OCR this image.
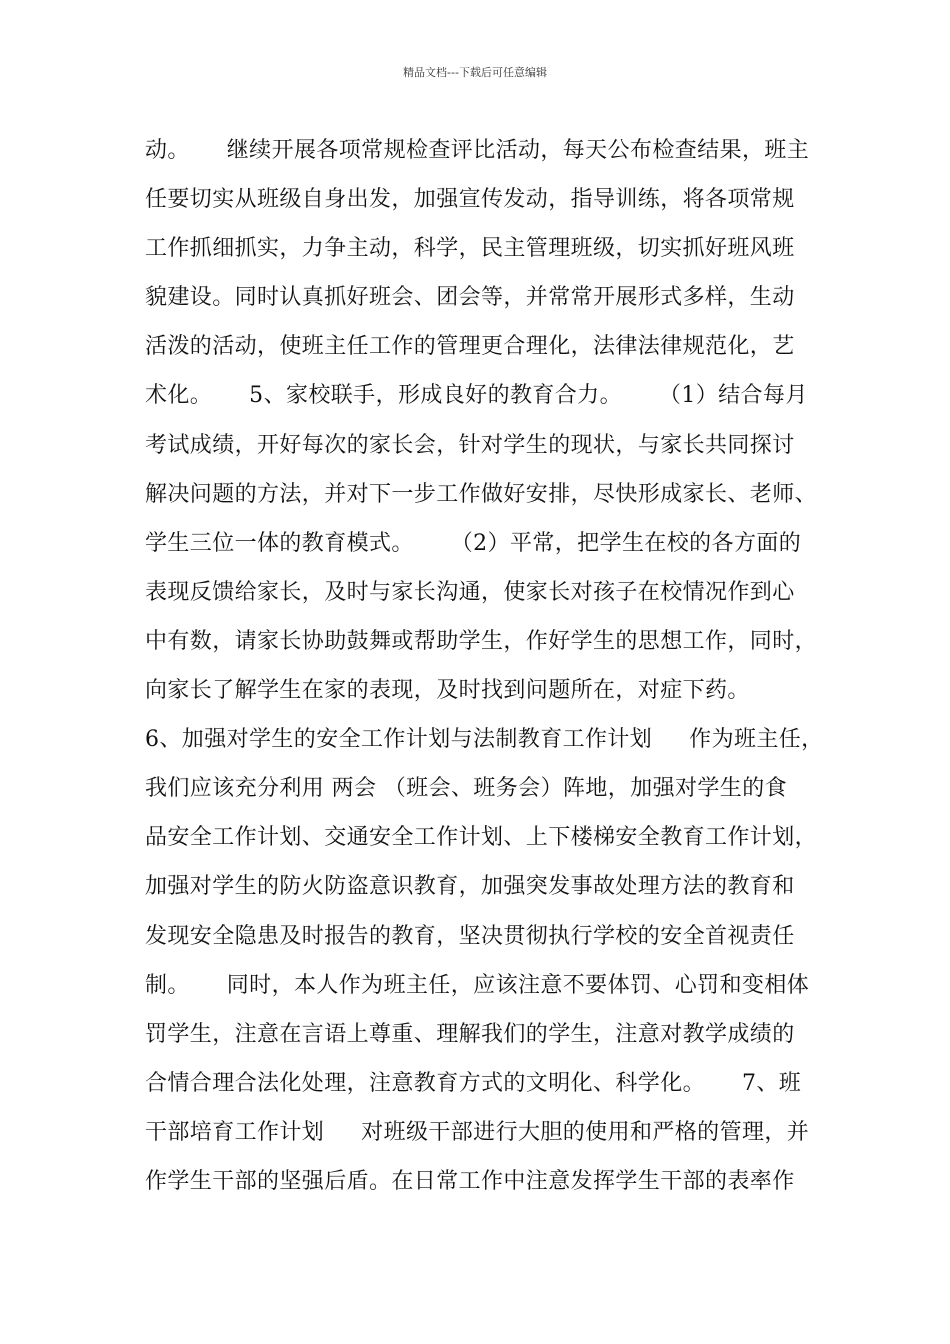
精品文档---下载后可任意编辑
动。     继续开展各项常规检查评比活动，每天公布检查结果，班主
任要切实从班级自身出发，加强宣传发动，指导训练，将各项常规
工作抓细抓实，力争主动，科学，民主管理班级，切实抓好班风班
貌建设。同时认真抓好班会、团会等，并常常开展形式多样，生动
活泼的活动，使班主任工作的管理更合理化，法律法律规范化，艺
术化。     5、家校联手，形成良好的教育合力。     （1）结合每月
考试成绩，开好每次的家长会，针对学生的现状，与家长共同探讨
解决问题的方法，并对下一步工作做好安排，尽快形成家长、老师、
学生三位一体的教育模式。     （2）平常，把学生在校的各方面的
表现反馈给家长，及时与家长沟通，使家长对孩子在校情况作到心
中有数，请家长协助鼓舞或帮助学生，作好学生的思想工作，同时，
向家长了解学生在家的表现，及时找到问题所在，对症下药。
6、加强对学生的安全工作计划与法制教育工作计划     作为班主任，
我们应该充分利用 两会 （班会、班务会）阵地，加强对学生的食
品安全工作计划、交通安全工作计划、上下楼梯安全教育工作计划，
加强对学生的防火防盗意识教育，加强突发事故处理方法的教育和
发现安全隐患及时报告的教育，坚决贯彻执行学校的安全首视责任
制。     同时，本人作为班主任，应该注意不要体罚、心罚和变相体
罚学生，注意在言语上尊重、理解我们的学生，注意对教学成绩的
合情合理合法化处理，注意教育方式的文明化、科学化。     7、班
干部培育工作计划     对班级干部进行大胆的使用和严格的管理，并
作学生干部的坚强后盾。在日常工作中注意发挥学生干部的表率作
